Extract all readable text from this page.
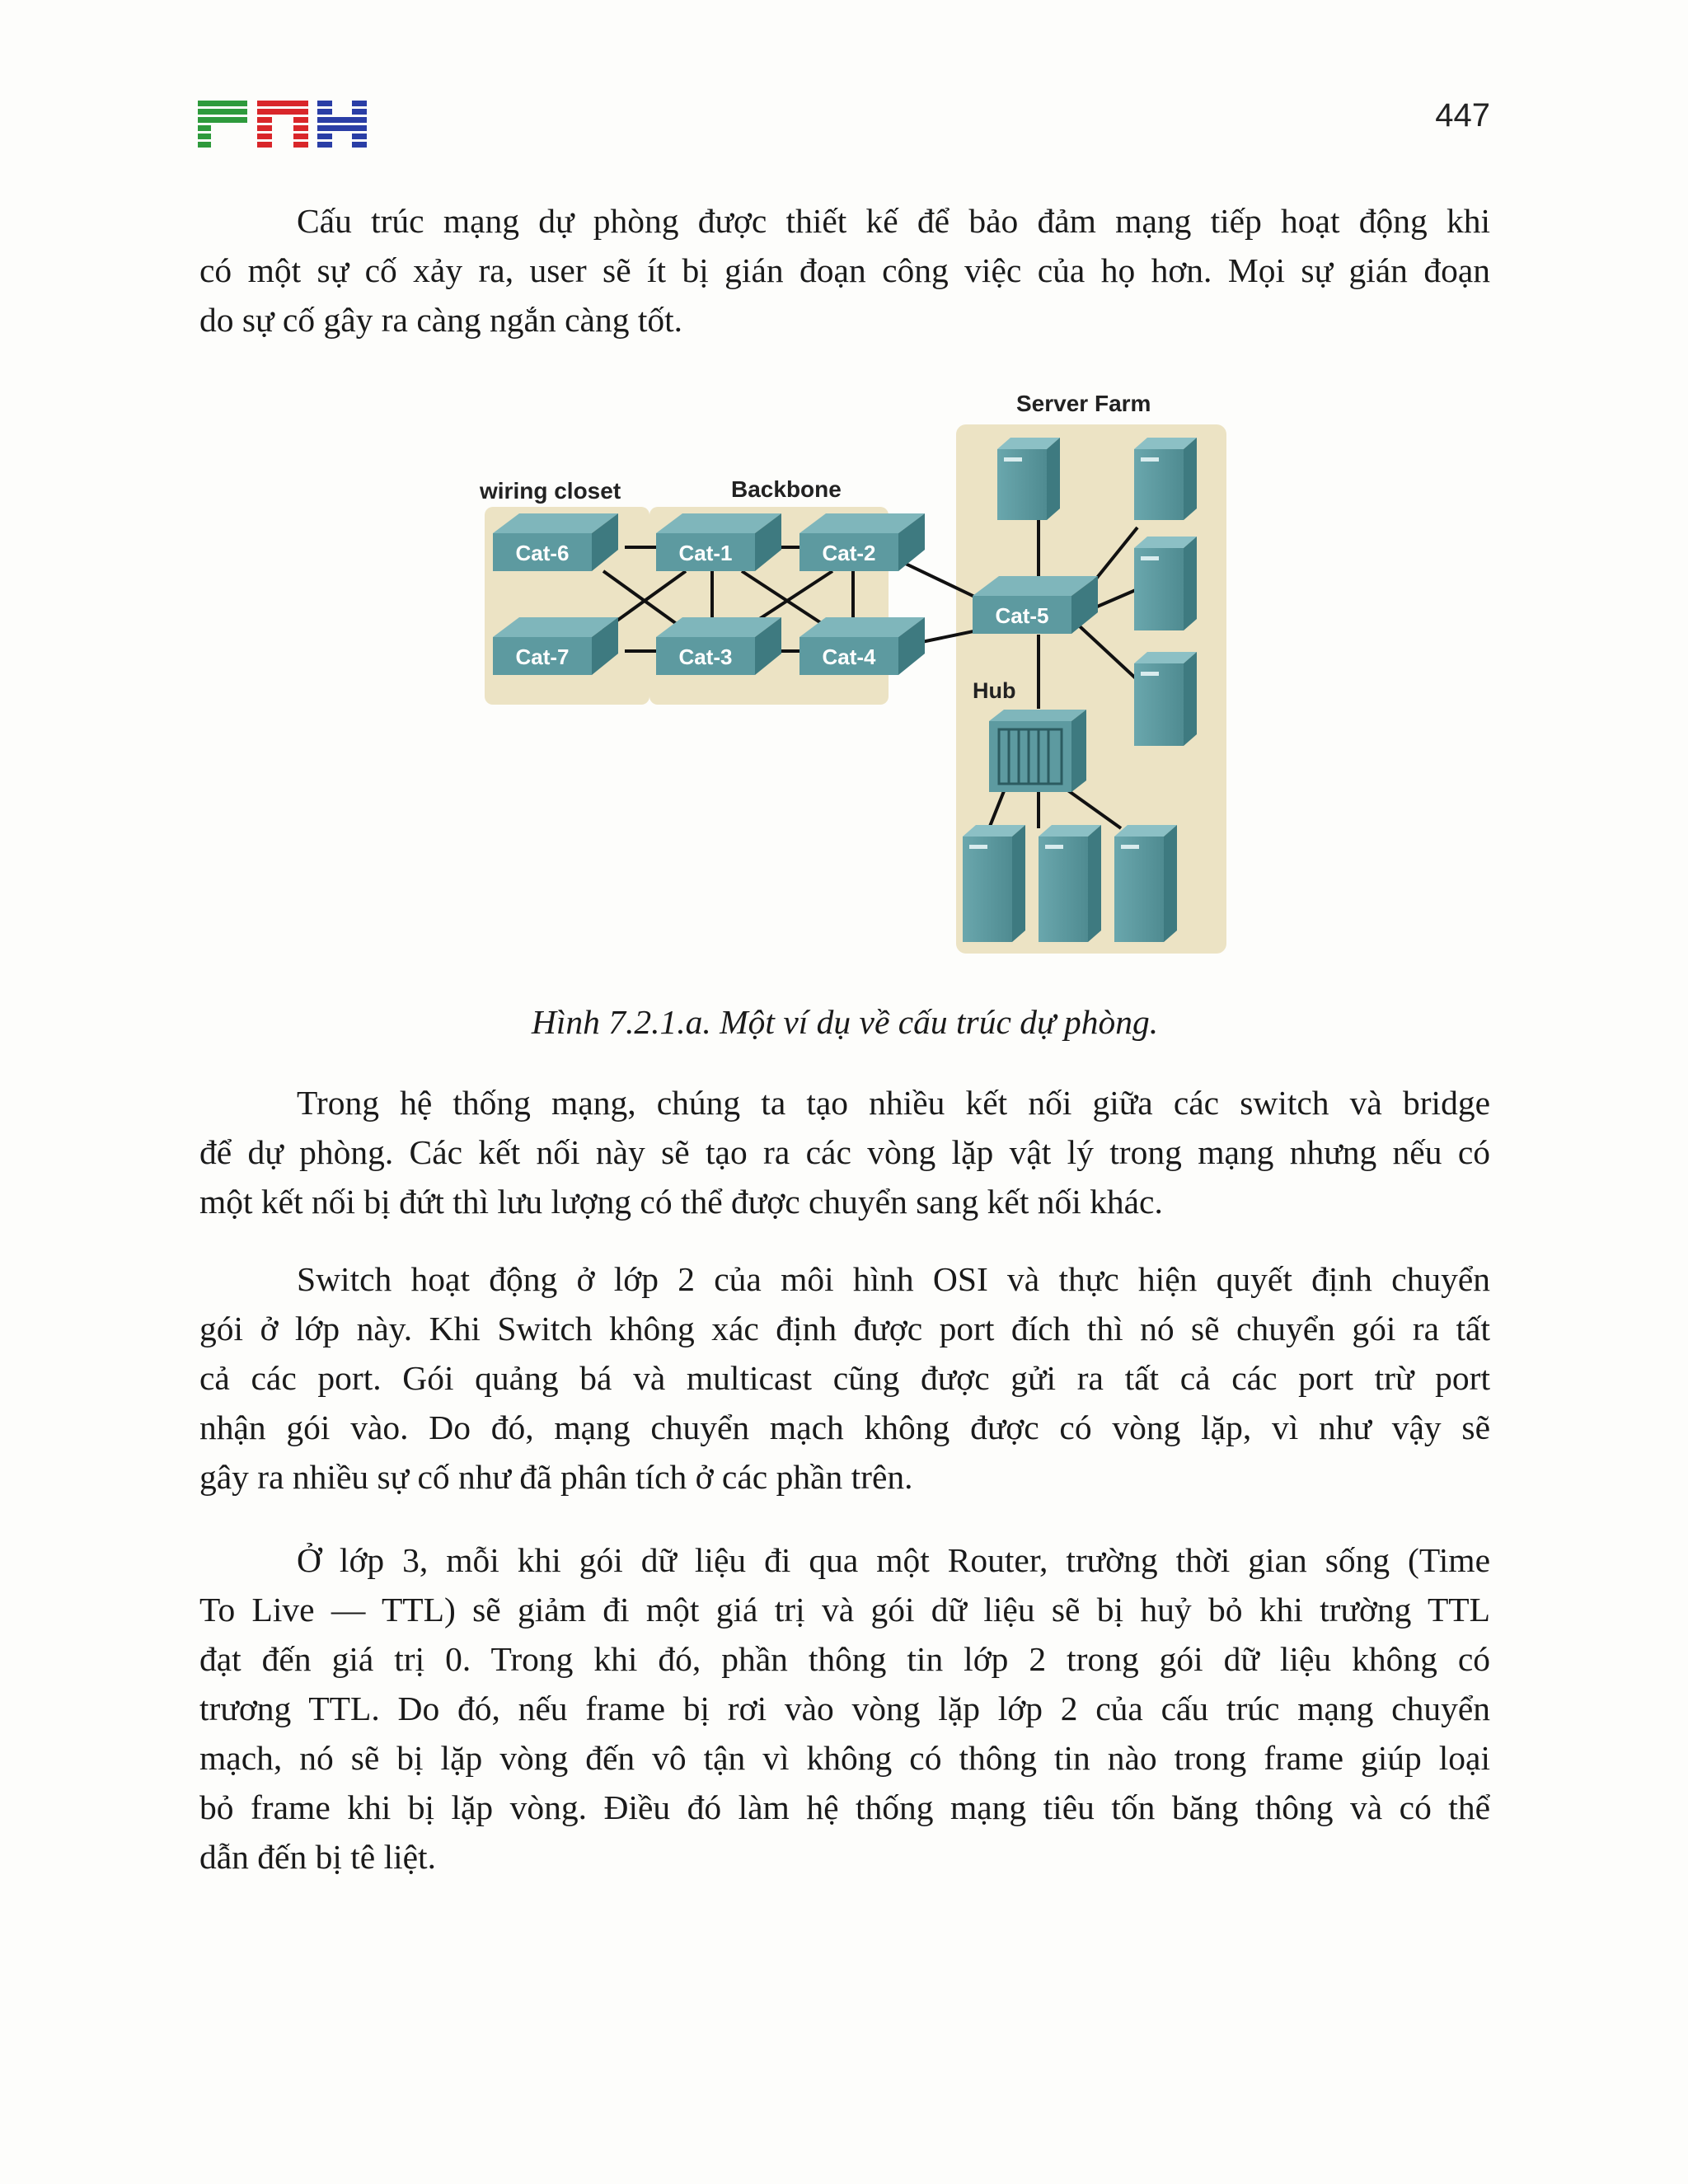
447
Cấu trúc mạng dự phòng được thiết kế để bảo đảm mạng tiếp hoạt động khi
có một sự cố xảy ra, user sẽ ít bị gián đoạn công việc của họ hơn. Mọi sự gián đoạn
do sự cố gây ra càng ngắn càng tốt.
Server Farm
wiring closet	Backbone
Hub
Cat-6
Cat-7
Cat-1	Cat-2
Cat-3	Cat-4
Cat-5
Hình 7.2.1.a. Một ví dụ về cấu trúc dự phòng.
Trong hệ thống mạng, chúng ta tạo nhiều kết nối giữa các switch và bridge
để dự phòng. Các kết nối này sẽ tạo ra các vòng lặp vật lý trong mạng nhưng nếu có
một kết nối bị đứt thì lưu lượng có thể được chuyển sang kết nối khác.
Switch hoạt động ở lớp 2 của môi hình OSI và thực hiện quyết định chuyển
gói ở lớp này. Khi Switch không xác định được port đích thì nó sẽ chuyển gói ra tất
cả các port. Gói quảng bá và multicast cũng được gửi ra tất cả các port trừ port
nhận gói vào. Do đó, mạng chuyển mạch không được có vòng lặp, vì như vậy sẽ
gây ra nhiều sự cố như đã phân tích ở các phần trên.
Ở lớp 3, mỗi khi gói dữ liệu đi qua một Router, trường thời gian sống (Time
To Live — TTL) sẽ giảm đi một giá trị và gói dữ liệu sẽ bị huỷ bỏ khi trường TTL
đạt đến giá trị 0. Trong khi đó, phần thông tin lớp 2 trong gói dữ liệu không có
trương TTL. Do đó, nếu frame bị rơi vào vòng lặp lớp 2 của cấu trúc mạng chuyển
mạch, nó sẽ bị lặp vòng đến vô tận vì không có thông tin nào trong frame giúp loại
bỏ frame khi bị lặp vòng. Điều đó làm hệ thống mạng tiêu tốn băng thông và có thể
dẫn đến bị tê liệt.
